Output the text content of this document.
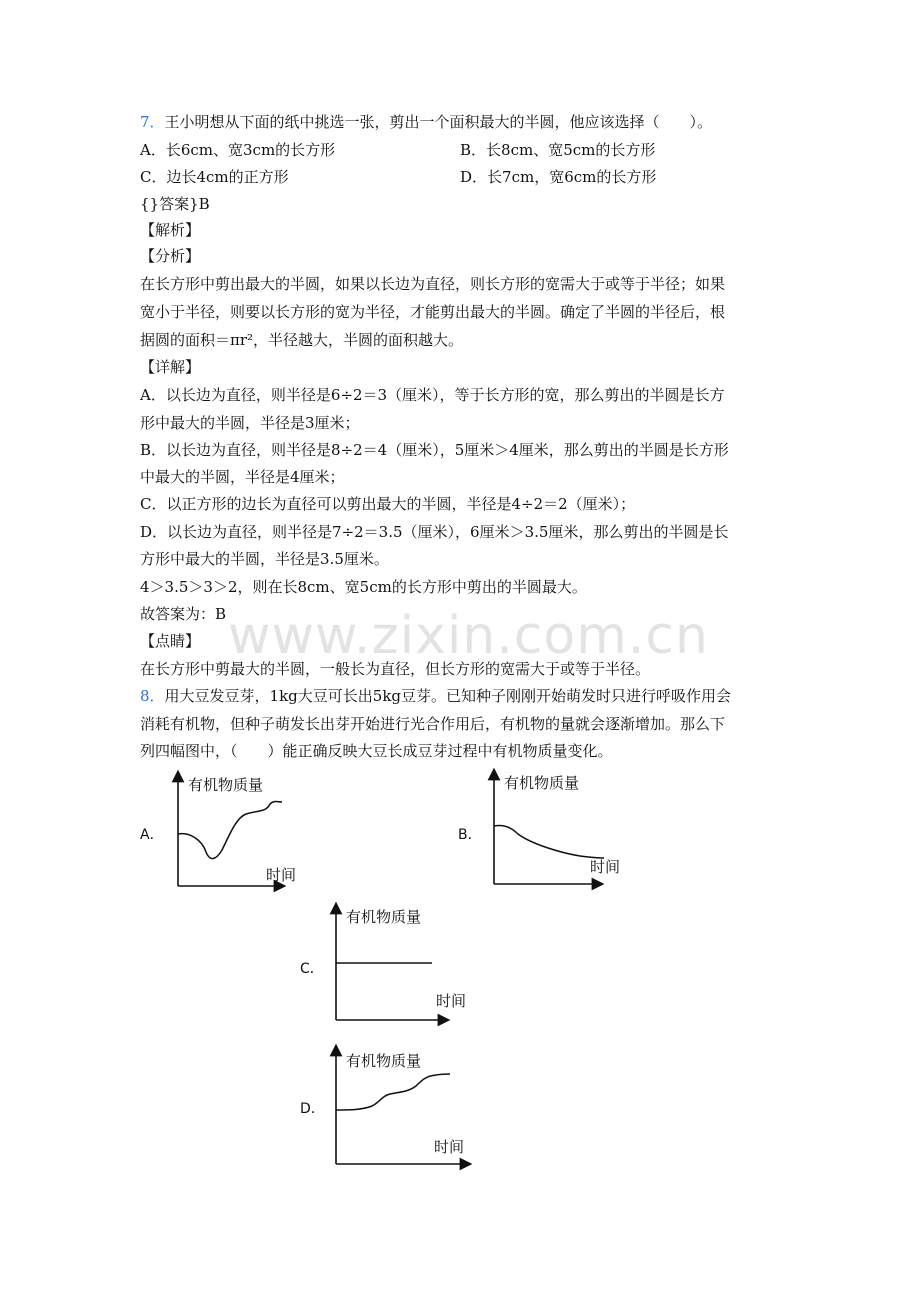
www.zixin.com.cn
7．王小明想从下面的纸中挑选一张，剪出一个面积最大的半圆，他应该选择（　　）。
A．长6cm、宽3cm的长方形	B．长8cm、宽5cm的长方形
C．边长4cm的正方形	D．长7cm，宽6cm的长方形
{}答案}B
【解析】
【分析】
在长方形中剪出最大的半圆，如果以长边为直径，则长方形的宽需大于或等于半径；如果
宽小于半径，则要以长方形的宽为半径，才能剪出最大的半圆。确定了半圆的半径后，根
据圆的面积＝πr²，半径越大，半圆的面积越大。
【详解】
A．以长边为直径，则半径是6÷2＝3（厘米），等于长方形的宽，那么剪出的半圆是长方
形中最大的半圆，半径是3厘米；
B．以长边为直径，则半径是8÷2＝4（厘米），5厘米＞4厘米，那么剪出的半圆是长方形
中最大的半圆，半径是4厘米；
C．以正方形的边长为直径可以剪出最大的半圆，半径是4÷2＝2（厘米）；
D．以长边为直径，则半径是7÷2＝3.5（厘米），6厘米＞3.5厘米，那么剪出的半圆是长
方形中最大的半圆，半径是3.5厘米。
4＞3.5＞3＞2，则在长8cm、宽5cm的长方形中剪出的半圆最大。
故答案为：B
【点睛】
在长方形中剪最大的半圆，一般长为直径，但长方形的宽需大于或等于半径。
8．用大豆发豆芽，1kg大豆可长出5kg豆芽。已知种子刚刚开始萌发时只进行呼吸作用会
消耗有机物，但种子萌发长出芽开始进行光合作用后，有机物的量就会逐渐增加。那么下
列四幅图中，（　　）能正确反映大豆长成豆芽过程中有机物质量变化。
A．
有机物质量
时间
B．
有机物质量
时间
C．
有机物质量
时间
D．
有机物质量
时间
